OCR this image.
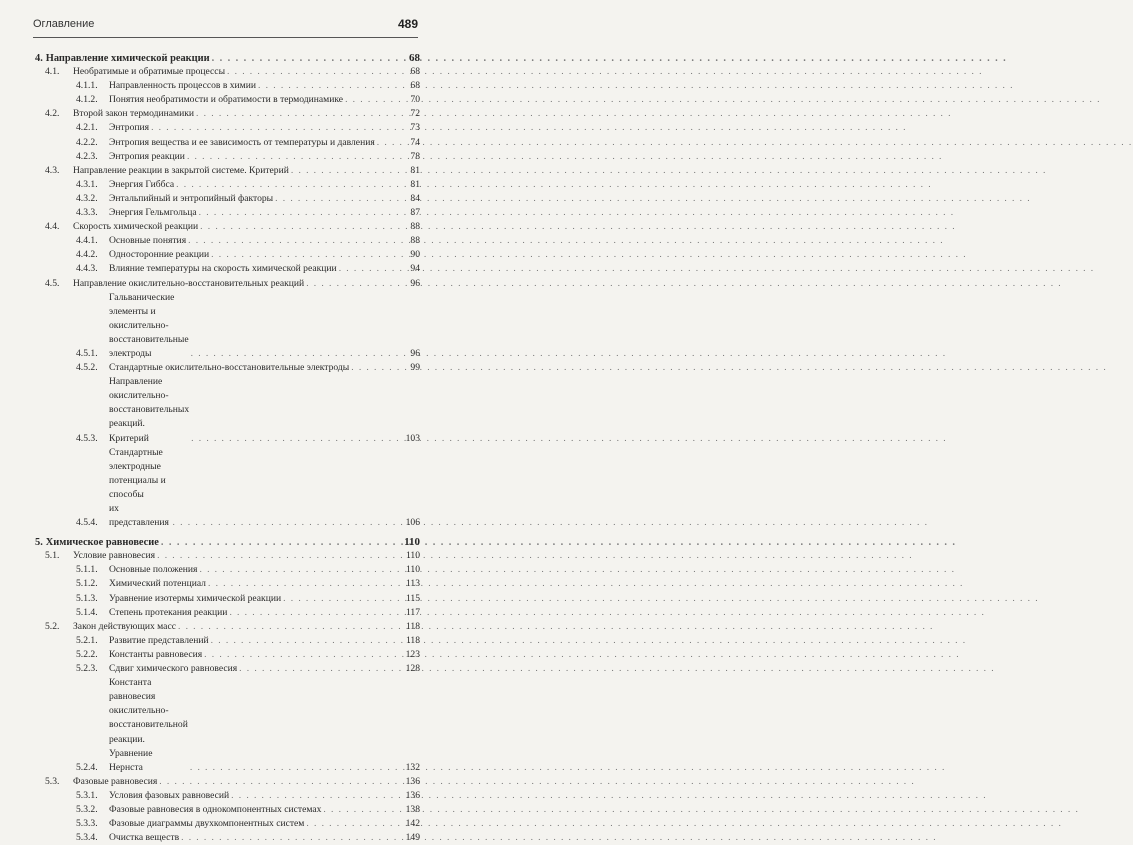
Оглавление	489
4. Направление химической реакции . . .	68
4.1.	Необратимые и обратимые процессы . . .	68
4.1.1.	Направленность процессов в химии . . .	68
4.1.2.	Понятия необратимости и обратимости в термодинамике . . .	70
4.2.	Второй закон термодинамики . . .	72
4.2.1.	Энтропия . . .	73
4.2.2.	Энтропия вещества и ее зависимость от температуры и давления . . .	74
4.2.3.	Энтропия реакции . . .	78
4.3.	Направление реакции в закрытой системе. Критерий . . .	81
4.3.1.	Энергия Гиббса . . .	81
4.3.2.	Энтальпийный и энтропийный факторы . . .	84
4.3.3.	Энергия Гельмгольца . . .	87
4.4.	Скорость химической реакции . . .	88
4.4.1.	Основные понятия . . .	88
4.4.2.	Односторонние реакции . . .	90
4.4.3.	Влияние температуры на скорость химической реакции . . .	94
4.5.	Направление окислительно-восстановительных реакций . . .	96
4.5.1.
Гальванические элементы и окислительно-восстановительные
электроды . . .	96
4.5.2.	Стандартные окислительно-восстановительные электроды . . .	99
4.5.3.
Направление окислительно-восстановительных реакций.
Критерий . . .	103
4.5.4.
Стандартные электродные потенциалы и способы
их представления . . .	106
5. Химическое равновесие . . .	110
5.1.	Условие равновесия . . .	110
5.1.1.	Основные положения . . .	110
5.1.2.	Химический потенциал . . .	113
5.1.3.	Уравнение изотермы химической реакции . . .	115
5.1.4.	Степень протекания реакции . . .	117
5.2.	Закон действующих масс . . .	118
5.2.1.	Развитие представлений . . .	118
5.2.2.	Константы равновесия . . .	123
5.2.3.	Сдвиг химического равновесия . . .	128
5.2.4.
Константа равновесия
окислительно-восстановительной реакции. Уравнение Нернста . . .	132
5.3.	Фазовые равновесия . . .	136
5.3.1.	Условия фазовых равновесий . . .	136
5.3.2.	Фазовые равновесия в однокомпонентных системах . . .	138
5.3.3.	Фазовые диаграммы двухкомпонентных систем . . .	142
5.3.4.	Очистка веществ . . .	149
